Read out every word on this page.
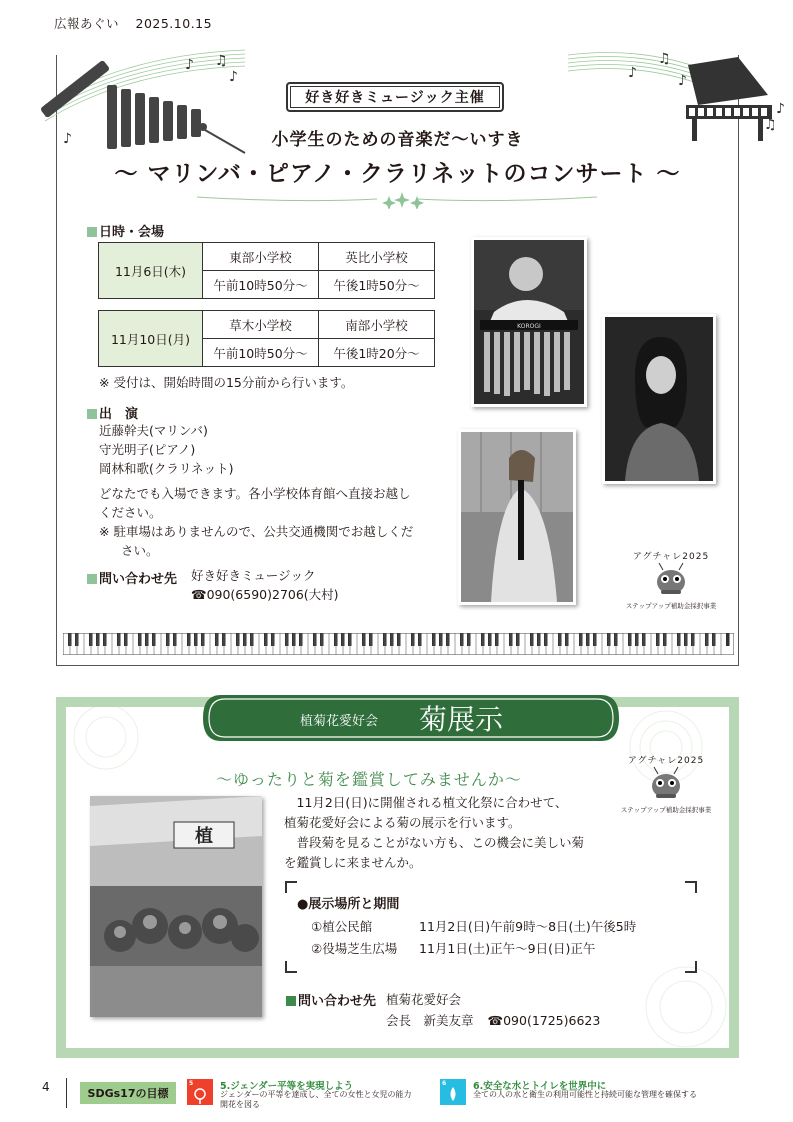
広報あぐい 2025.10.15
♪ ♫
♪
♪
♪
♫
♪
♫
♪
好き好きミュージック主催
小学生のための音楽だ〜いすき
〜 マリンバ・ピアノ・クラリネットのコンサート 〜
日時・会場
11月6日(木)	東部小学校	英比小学校
	午前10時50分〜	午後1時50分〜
11月10日(月)	草木小学校	南部小学校
	午前10時50分〜	午後1時20分〜
※ 受付は、開始時間の15分前から行います。
出　演
近藤幹夫(マリンバ)
守光明子(ピアノ)
岡林和歌(クラリネット)
どなたでも入場できます。各小学校体育館へ直接お越し
ください。
※ 駐車場はありませんので、公共交通機関でお越しくだ
さい。
問い合わせ先 好き好きミュージック
☎090(6590)2706(大村)
KOROGI
アグチャレ2025
ステップアップ補助金採択事業
植菊花愛好会 菊展示
〜ゆったりと菊を鑑賞してみませんか〜
アグチャレ2025
ステップアップ補助金採択事業
植
　11月2日(日)に開催される植文化祭に合わせて、
植菊花愛好会による菊の展示を行います。
　普段菊を見ることがない方も、この機会に美しい菊
を鑑賞しに来ませんか。
●展示場所と期間
①植公民館	11月2日(日)午前9時〜8日(土)午後5時
②役場芝生広場 11月1日(土)正午〜9日(日)正午
問い合わせ先 植菊花愛好会
会長　新美友章 ☎090(1725)6623
4	SDGs17の目標
5	5.ジェンダー平等を実現しよう
ジェンダーの平等を達成し、全ての女性と女児の能力
開花を図る
6	6.安全な水とトイレを世界中に
全ての人の水と衛生の利用可能性と持続可能な管理を確保する
